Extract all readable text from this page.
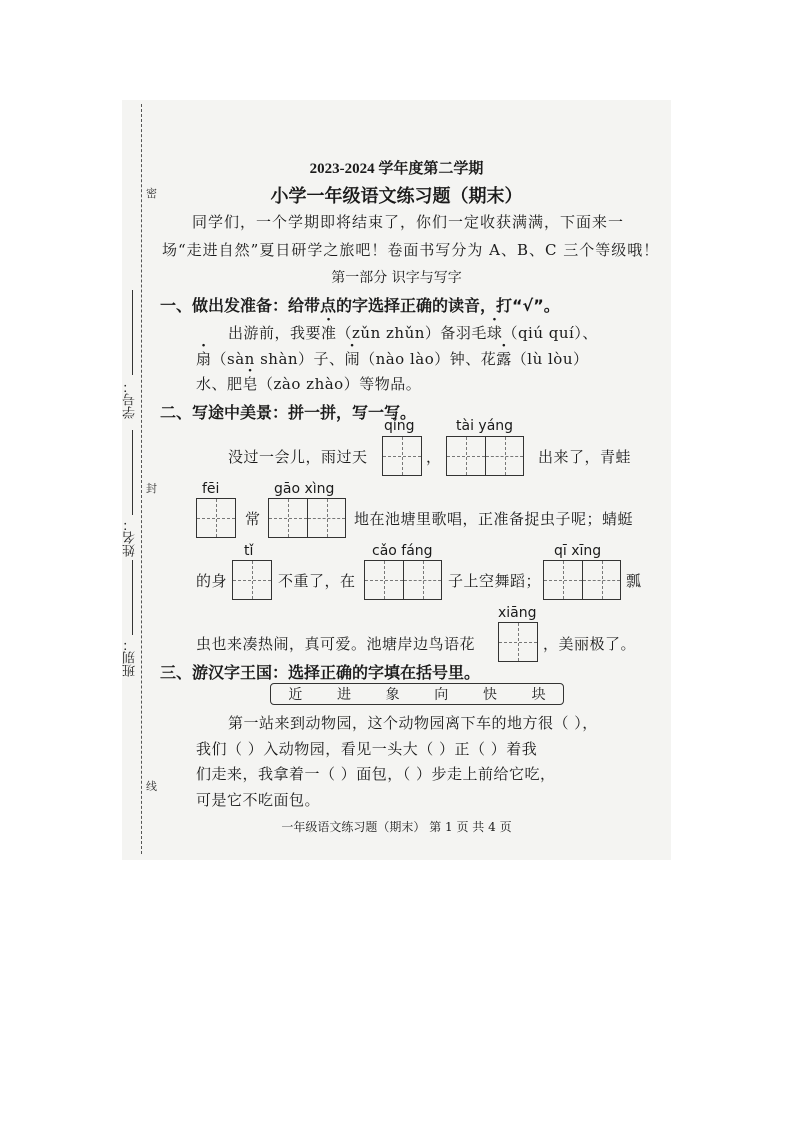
密
封
线
学号：
姓名：
班别：
2023-2024 学年度第二学期
小学一年级语文练习题（期末）
同学们，一个学期即将结束了，你们一定收获满满，下面来一
场“走进自然”夏日研学之旅吧！卷面书写分为 A、B、C 三个等级哦！
第一部分 识字与写字
一、做出发准备：给带点的字选择正确的读音，打“√”。
出游前，我要准（zǔn zhǔn）备羽毛球（qiú quí）、
扇（sàn shàn）子、闹（nào lào）钟、花露（lù lòu）
水、肥皂（zào zhào）等物品。
二、写途中美景：拼一拼，写一写。
qíng	tài yáng
没过一会儿，雨过天	，	出来了，青蛙
fēi	gāo xìng
常	地在池塘里歌唱，正准备捉虫子呢；蜻蜓
tǐ	cǎo fáng	qī xīng
的身	不重了，在	子上空舞蹈；	瓢
xiāng
虫也来凑热闹，真可爱。池塘岸边鸟语花	，美丽极了。
三、游汉字王国：选择正确的字填在括号里。
近 进 象 向 快 块
第一站来到动物园，这个动物园离下车的地方很（ ），
我们（ ）入动物园，看见一头大（ ）正（ ）着我
们走来，我拿着一（ ）面包，（ ）步走上前给它吃，
可是它不吃面包。
一年级语文练习题（期末） 第 1 页 共 4 页
